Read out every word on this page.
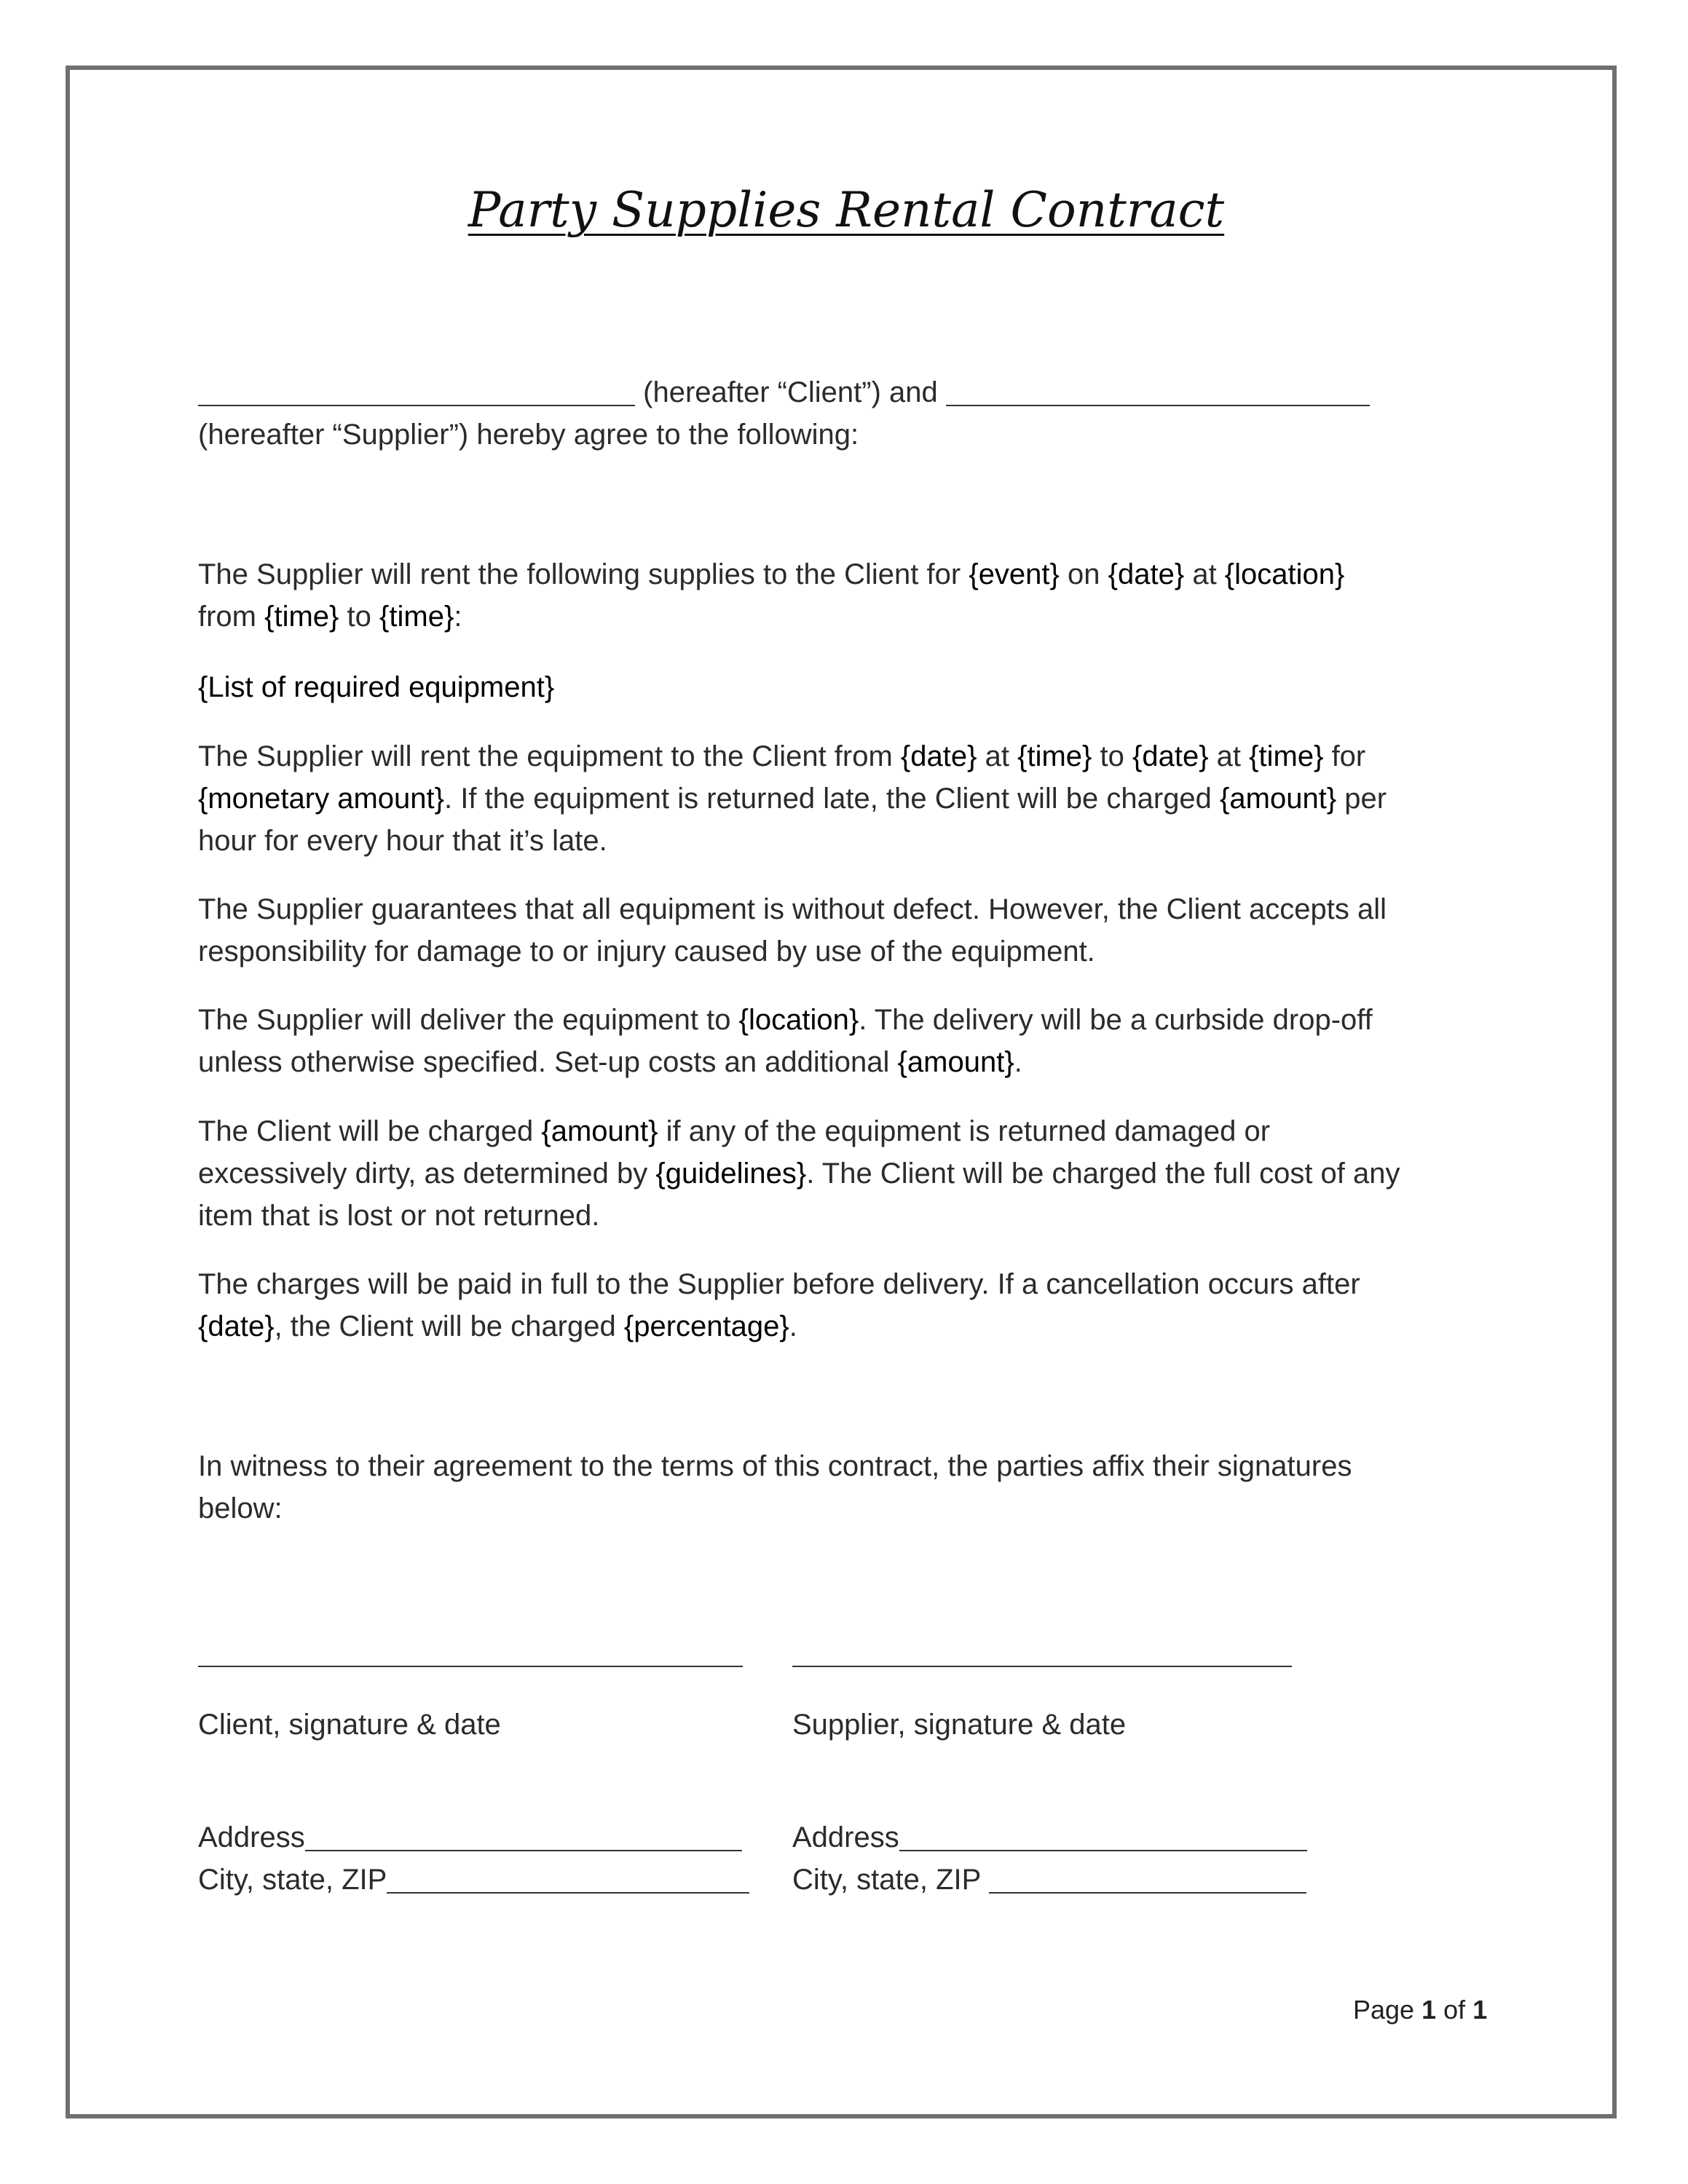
Party Supplies Rental Contract

(hereafter “Client”) and

(hereafter “Supplier”) hereby agree to the following:

The Supplier will rent the following supplies to the Client for {event} on {date} at {location}
from {time} to {time}:

{List of required equipment}

The Supplier will rent the equipment to the Client from {date} at {time} to {date} at {time} for
{monetary amount}. If the equipment is returned late, the Client will be charged {amount} per
hour for every hour that it’s late.

The Supplier guarantees that all equipment is without defect. However, the Client accepts all
responsibility for damage to or injury caused by use of the equipment.

The Supplier will deliver the equipment to {location}. The delivery will be a curbside drop-off
unless otherwise specified. Set-up costs an additional {amount}.

The Client will be charged {amount} if any of the equipment is returned damaged or
excessively dirty, as determined by {guidelines}. The Client will be charged the full cost of any
item that is lost or not returned.

The charges will be paid in full to the Supplier before delivery. If a cancellation occurs after
{date}, the Client will be charged {percentage}.

In witness to their agreement to the terms of this contract, the parties affix their signatures
below:

Client, signature & date	Supplier, signature & date
Address
City, state, ZIP
Address
City, state, ZIP
Page 1 of 1
